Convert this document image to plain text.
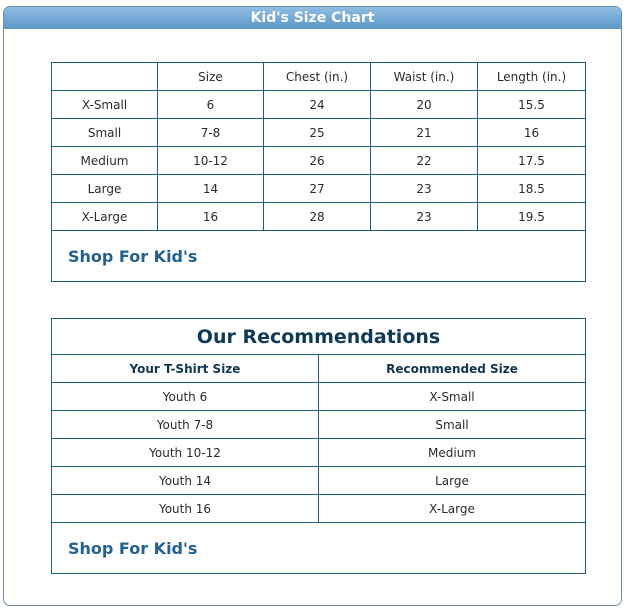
Kid's Size Chart
	Size	Chest (in.)	Waist (in.)	Length (in.)
X-Small	6	24	20	15.5
Small	7-8	25	21	16
Medium	10-12	26	22	17.5
Large	14	27	23	18.5
X-Large	16	28	23	19.5
Shop For Kid's				
Our Recommendations	
Your T-Shirt Size	Recommended Size
Youth 6	X-Small
Youth 7-8	Small
Youth 10-12	Medium
Youth 14	Large
Youth 16	X-Large
Shop For Kid's	
